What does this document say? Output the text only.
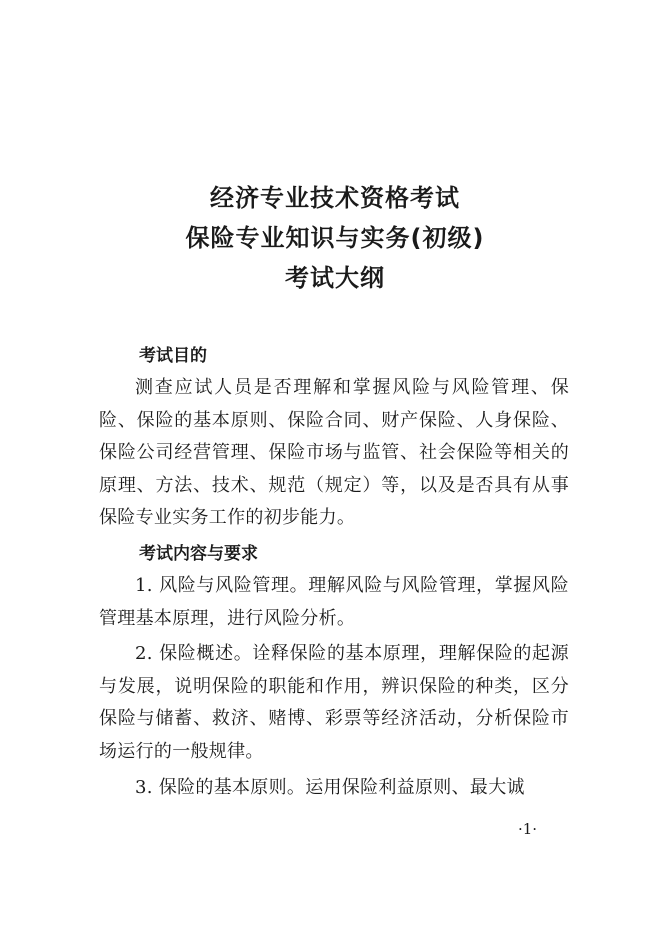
经济专业技术资格考试
保险专业知识与实务(初级)
考试大纲

考试目的

测查应试人员是否理解和掌握风险与风险管理、保险、保险的基本原则、保险合同、财产保险、人身保险、保险公司经营管理、保险市场与监管、社会保险等相关的原理、方法、技术、规范（规定）等，以及是否具有从事保险专业实务工作的初步能力。

考试内容与要求

1. 风险与风险管理。理解风险与风险管理，掌握风险管理基本原理，进行风险分析。

2. 保险概述。诠释保险的基本原理，理解保险的起源与发展，说明保险的职能和作用，辨识保险的种类，区分保险与储蓄、救济、赌博、彩票等经济活动，分析保险市场运行的一般规律。

3. 保险的基本原则。运用保险利益原则、最大诚

·1·
